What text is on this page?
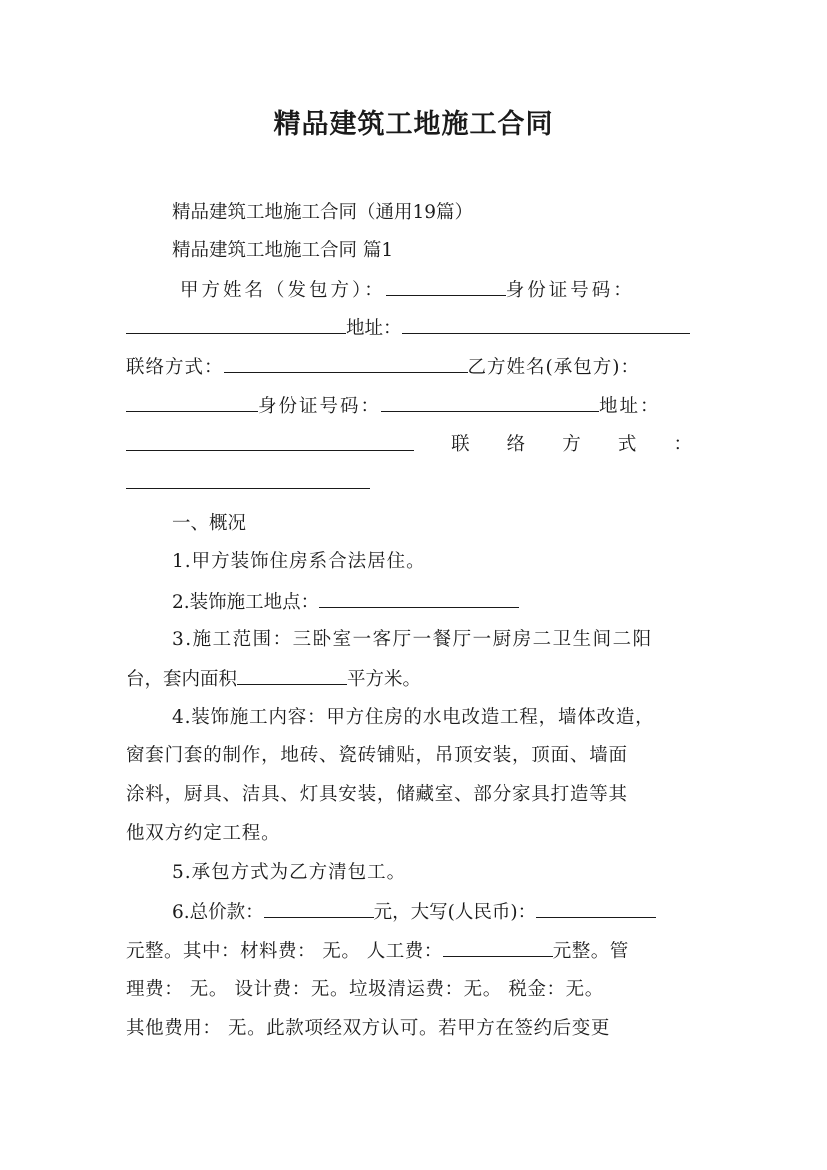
精品建筑工地施工合同
精品建筑工地施工合同（通用19篇）
精品建筑工地施工合同 篇1
甲方姓名（发包方）：	身份证号码：
地址：
联络方式：	乙方姓名(承包方)：
身份证号码：	地址：
联 络 方 式 ：
一、概况
1.甲方装饰住房系合法居住。
2.装饰施工地点：
3.施工范围：三卧室一客厅一餐厅一厨房二卫生间二阳
台，套内面积	平方米。
4.装饰施工内容：甲方住房的水电改造工程，墙体改造，
窗套门套的制作，地砖、瓷砖铺贴，吊顶安装，顶面、墙面
涂料，厨具、洁具、灯具安装，储藏室、部分家具打造等其
他双方约定工程。
5.承包方式为乙方清包工。
6.总价款：	元，大写(人民币)：
元整。其中：材料费： 无。 人工费：	元整。管
理费： 无。 设计费：无。垃圾清运费：无。 税金：无。
其他费用： 无。此款项经双方认可。若甲方在签约后变更
